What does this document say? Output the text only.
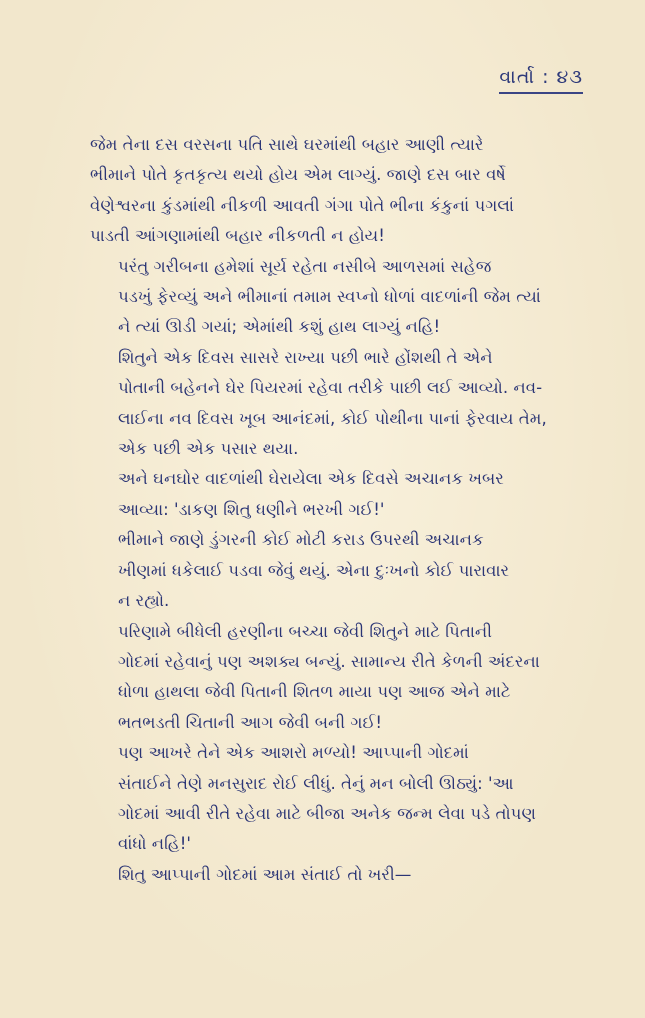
વાર્તા : ૪૩

જેમ તેના દસ વરસના પતિ સાથે ઘરમાંથી બહાર આણી ત્યારે
ભીમાને પોતે કૃતકૃત્ય થયો હોય એમ લાગ્યું. જાણે દસ બાર વર્ષે
વેણેશ્વરના કુંડમાંથી નીકળી આવતી ગંગા પોતે ભીના કંકુનાં પગલાં
પાડતી આંગણામાંથી બહાર નીકળતી ન હોય!

પરંતુ ગરીબના હમેશાં સૂર્ય રહેતા નસીબે આળસમાં સહેજ
પડખું ફેરવ્યું અને ભીમાનાં તમામ સ્વપ્નો ધોળાં વાદળાંની જેમ ત્યાં
ને ત્યાં ઊડી ગયાં; એમાંથી કશું હાથ લાગ્યું નહિ!

શિતુને એક દિવસ સાસરે રાખ્યા પછી ભારે હોંશથી તે એને
પોતાની બહેનને ઘેર પિયરમાં રહેવા તરીકે પાછી લઈ આવ્યો. નવ-
લાઈના નવ દિવસ ખૂબ આનંદમાં, કોઈ પોથીના પાનાં ફેરવાય તેમ,
એક પછી એક પસાર થયા.

અને ઘનઘોર વાદળાંથી ઘેરાયેલા એક દિવસે અચાનક ખબર
આવ્યા: 'ડાકણ શિતુ ધણીને ભરખી ગઈ!'

ભીમાને જાણે ડુંગરની કોઈ મોટી કરાડ ઉપરથી અચાનક
ખીણમાં ધકેલાઈ પડવા જેવું થયું. એના દુઃખનો કોઈ પારાવાર
ન રહ્યો.

પરિણામે બીધેલી હરણીના બચ્ચા જેવી શિતુને માટે પિતાની
ગોદમાં રહેવાનું પણ અશક્ય બન્યું. સામાન્ય રીતે કેળની અંદરના
ધોળા હાથલા જેવી પિતાની શિતળ માયા પણ આજ એને માટે
ભતભડતી ચિતાની આગ જેવી બની ગઈ!

પણ આખરે તેને એક આશરો મળ્યો! આપ્પાની ગોદમાં
સંતાઈને તેણે મનસુરાદ રોઈ લીધું. તેનું મન બોલી ઊઠ્યું: 'આ
ગોદમાં આવી રીતે રહેવા માટે બીજા અનેક જન્મ લેવા પડે તોપણ
વાંધો નહિ!'

શિતુ આપ્પાની ગોદમાં આમ સંતાઈ તો ખરી—
